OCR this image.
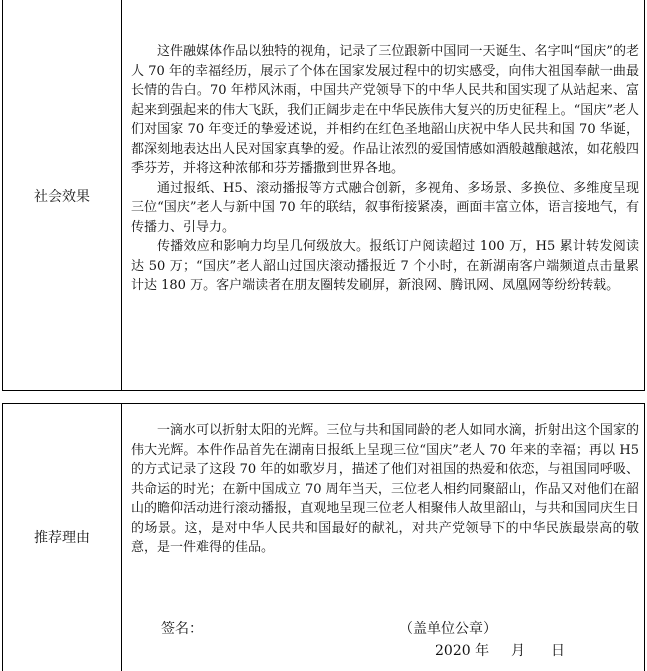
社会效果

这件融媒体作品以独特的视角，记录了三位跟新中国同一天诞生、名字叫“国庆”的老人 70 年的幸福经历，展示了个体在国家发展过程中的切实感受，向伟大祖国奉献一曲最长情的告白。70 年栉风沐雨，中国共产党领导下的中华人民共和国实现了从站起来、富起来到强起来的伟大飞跃，我们正阔步走在中华民族伟大复兴的历史征程上。“国庆”老人们对国家 70 年变迁的挚爱述说，并相约在红色圣地韶山庆祝中华人民共和国 70 华诞，都深刻地表达出人民对国家真挚的爱。作品让浓烈的爱国情感如酒般越酿越浓，如花般四季芬芳，并将这种浓郁和芬芳播撒到世界各地。

通过报纸、H5、滚动播报等方式融合创新，多视角、多场景、多换位、多维度呈现三位“国庆”老人与新中国 70 年的联结，叙事衔接紧凑，画面丰富立体，语言接地气，有传播力、引导力。

传播效应和影响力均呈几何级放大。报纸订户阅读超过 100 万，H5 累计转发阅读达 50 万；“国庆”老人韶山过国庆滚动播报近 7 个小时，在新湖南客户端频道点击量累计达 180 万。客户端读者在朋友圈转发刷屏，新浪网、腾讯网、凤凰网等纷纷转载。

推荐理由

一滴水可以折射太阳的光辉。三位与共和国同龄的老人如同水滴，折射出这个国家的伟大光辉。本件作品首先在湖南日报纸上呈现三位“国庆”老人 70 年来的幸福；再以 H5 的方式记录了这段 70 年的如歌岁月，描述了他们对祖国的热爱和依恋，与祖国同呼吸、共命运的时光；在新中国成立 70 周年当天，三位老人相约同聚韶山，作品又对他们在韶山的瞻仰活动进行滚动播报，直观地呈现三位老人相聚伟人故里韶山，与共和国同庆生日的场景。这，是对中华人民共和国最好的献礼，对共产党领导下的中华民族最崇高的敬意，是一件难得的佳品。

签名：	（盖单位公章）
2020 年 月 日
